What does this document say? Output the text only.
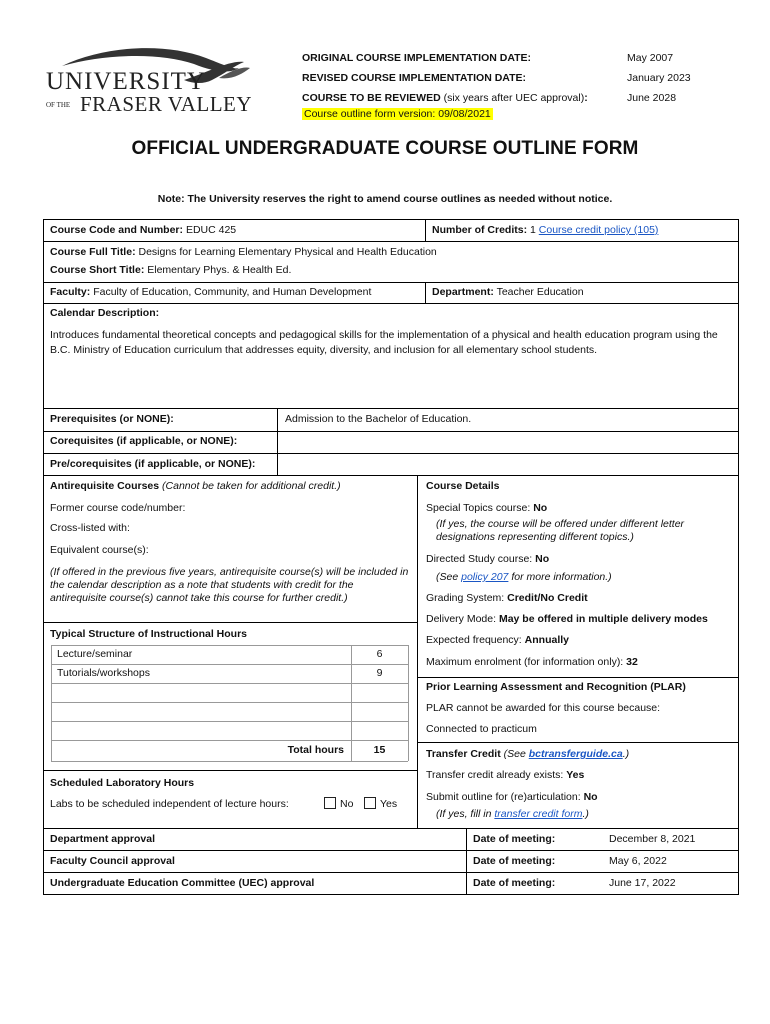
UNIVERSITY
OF THE FRASER VALLEY
ORIGINAL COURSE IMPLEMENTATION DATE:	May 2007
REVISED COURSE IMPLEMENTATION DATE:	January 2023
COURSE TO BE REVIEWED (six years after UEC approval):	June 2028
Course outline form version: 09/08/2021
OFFICIAL UNDERGRADUATE COURSE OUTLINE FORM
Note: The University reserves the right to amend course outlines as needed without notice.
Course Code and Number: EDUC 425	Number of Credits: 1 Course credit policy (105)
Course Full Title: Designs for Learning Elementary Physical and Health Education
Course Short Title: Elementary Phys. & Health Ed.
Faculty: Faculty of Education, Community, and Human Development	Department: Teacher Education
Calendar Description:
Introduces fundamental theoretical concepts and pedagogical skills for the implementation of a physical and health education program using the B.C. Ministry of Education curriculum that addresses equity, diversity, and inclusion for all elementary school students.
Prerequisites (or NONE):	Admission to the Bachelor of Education.
Corequisites (if applicable, or NONE):
Pre/corequisites (if applicable, or NONE):
Antirequisite Courses (Cannot be taken for additional credit.)
Former course code/number:
Cross-listed with:
Equivalent course(s):
(If offered in the previous five years, antirequisite course(s) will be included in the calendar description as a note that students with credit for the antirequisite course(s) cannot take this course for further credit.)
Typical Structure of Instructional Hours
Lecture/seminar	6
Tutorials/workshops	9
Total hours	15
Scheduled Laboratory Hours
Labs to be scheduled independent of lecture hours:	No	Yes
Course Details
Special Topics course: No
(If yes, the course will be offered under different letter designations representing different topics.)
Directed Study course: No
(See policy 207 for more information.)
Grading System: Credit/No Credit
Delivery Mode: May be offered in multiple delivery modes
Expected frequency: Annually
Maximum enrolment (for information only): 32
Prior Learning Assessment and Recognition (PLAR)
PLAR cannot be awarded for this course because:
Connected to practicum
Transfer Credit (See bctransferguide.ca.)
Transfer credit already exists: Yes
Submit outline for (re)articulation: No
(If yes, fill in transfer credit form.)
Department approval	Date of meeting:	December 8, 2021
Faculty Council approval	Date of meeting:	May 6, 2022
Undergraduate Education Committee (UEC) approval	Date of meeting:	June 17, 2022
